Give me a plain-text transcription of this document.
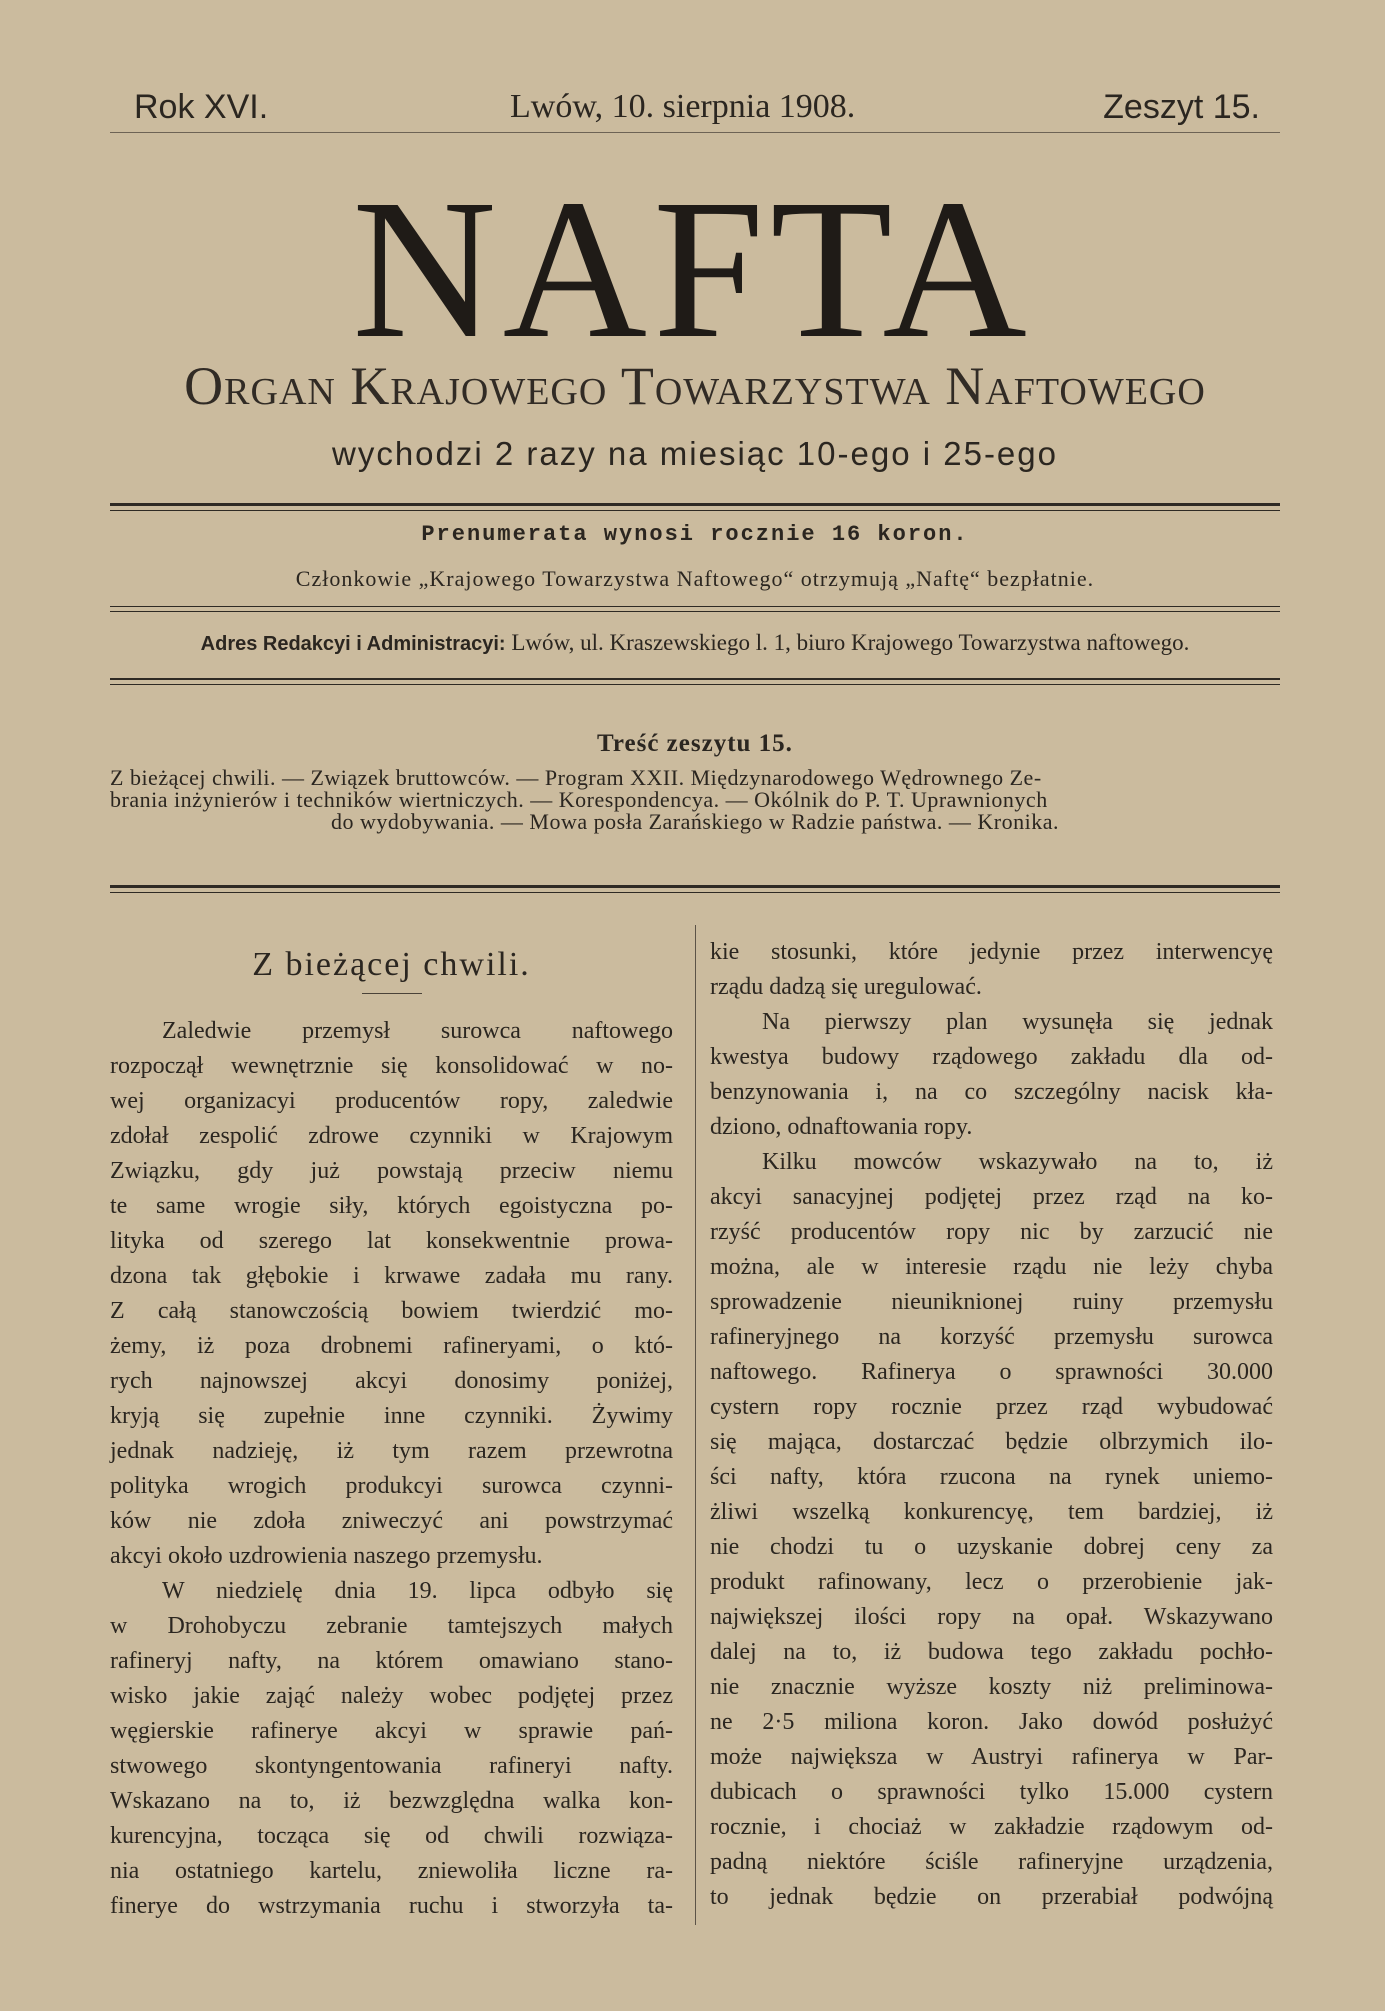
Rok XVI.	Lwów, 10. sierpnia 1908.	Zeszyt 15.
NAFTA
Organ Krajowego Towarzystwa Naftowego
wychodzi 2 razy na miesiąc 10-ego i 25-ego
Prenumerata wynosi rocznie 16 koron.
Członkowie „Krajowego Towarzystwa Naftowego“ otrzymują „Naftę“ bezpłatnie.
Adres Redakcyi i Administracyi: Lwów, ul. Kraszewskiego l. 1, biuro Krajowego Towarzystwa naftowego.
Treść zeszytu 15.
Z bieżącej chwili. — Związek bruttowców. — Program XXII. Międzynarodowego Wędrownego Ze-
brania inżynierów i techników wiertniczych. — Korespondencya. — Okólnik do P. T. Uprawnionych
do wydobywania. — Mowa posła Zarańskiego w Radzie państwa. — Kronika.
Z bieżącej chwili.
Zaledwie przemysł surowca naftowego
rozpoczął wewnętrznie się konsolidować w no-
wej organizacyi producentów ropy, zaledwie
zdołał zespolić zdrowe czynniki w Krajowym
Związku, gdy już powstają przeciw niemu
te same wrogie siły, których egoistyczna po-
lityka od szerego lat konsekwentnie prowa-
dzona tak głębokie i krwawe zadała mu rany.
Z całą stanowczością bowiem twierdzić mo-
żemy, iż poza drobnemi rafineryami, o któ-
rych najnowszej akcyi donosimy poniżej,
kryją się zupełnie inne czynniki. Żywimy
jednak nadzieję, iż tym razem przewrotna
polityka wrogich produkcyi surowca czynni-
ków nie zdoła zniweczyć ani powstrzymać
akcyi około uzdrowienia naszego przemysłu.
W niedzielę dnia 19. lipca odbyło się
w Drohobyczu zebranie tamtejszych małych
rafineryj nafty, na którem omawiano stano-
wisko jakie zająć należy wobec podjętej przez
węgierskie rafinerye akcyi w sprawie pań-
stwowego skontyngentowania rafineryi nafty.
Wskazano na to, iż bezwzględna walka kon-
kurencyjna, tocząca się od chwili rozwiąza-
nia ostatniego kartelu, zniewoliła liczne ra-
finerye do wstrzymania ruchu i stworzyła ta-
kie stosunki, które jedynie przez interwencyę
rządu dadzą się uregulować.
Na pierwszy plan wysunęła się jednak
kwestya budowy rządowego zakładu dla od-
benzynowania i, na co szczególny nacisk kła-
dziono, odnaftowania ropy.
Kilku mowców wskazywało na to, iż
akcyi sanacyjnej podjętej przez rząd na ko-
rzyść producentów ropy nic by zarzucić nie
można, ale w interesie rządu nie leży chyba
sprowadzenie nieuniknionej ruiny przemysłu
rafineryjnego na korzyść przemysłu surowca
naftowego. Rafinerya o sprawności 30.000
cystern ropy rocznie przez rząd wybudować
się mająca, dostarczać będzie olbrzymich ilo-
ści nafty, która rzucona na rynek uniemo-
żliwi wszelką konkurencyę, tem bardziej, iż
nie chodzi tu o uzyskanie dobrej ceny za
produkt rafinowany, lecz o przerobienie jak-
największej ilości ropy na opał. Wskazywano
dalej na to, iż budowa tego zakładu pochło-
nie znacznie wyższe koszty niż preliminowa-
ne 2·5 miliona koron. Jako dowód posłużyć
może największa w Austryi rafinerya w Par-
dubicach o sprawności tylko 15.000 cystern
rocznie, i chociaż w zakładzie rządowym od-
padną niektóre ściśle rafineryjne urządzenia,
to jednak będzie on przerabiał podwójną
